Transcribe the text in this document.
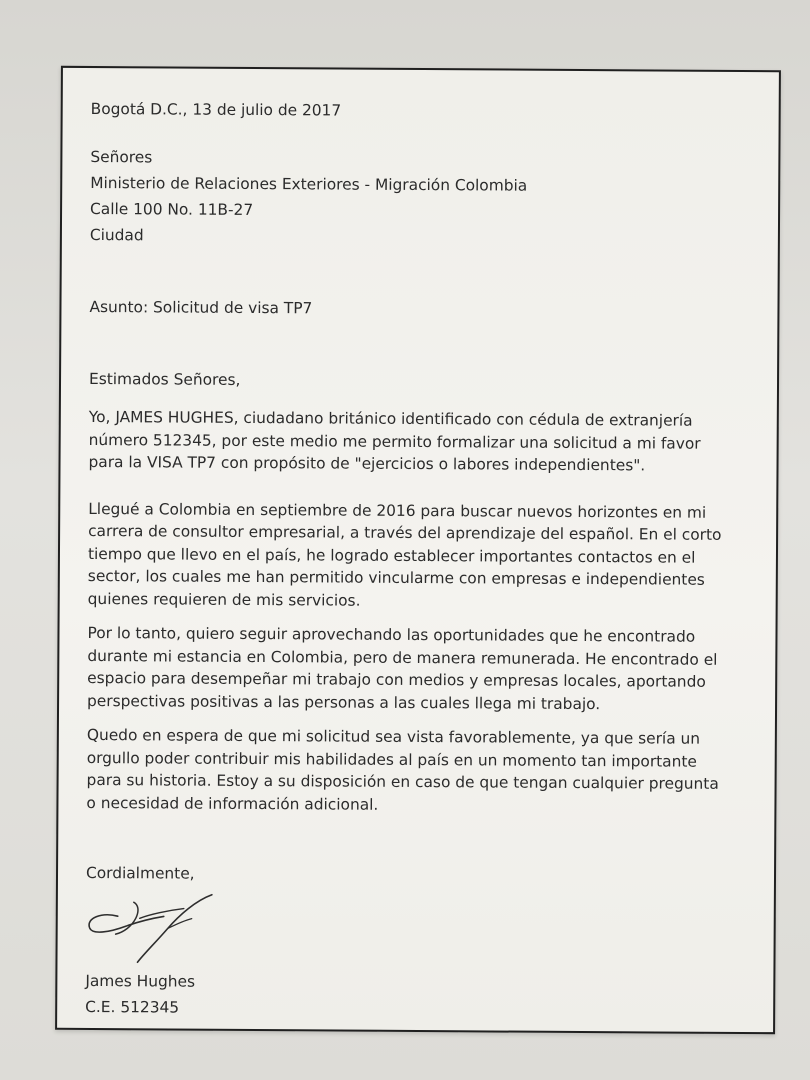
Bogotá D.C., 13 de julio de 2017
Señores
Ministerio de Relaciones Exteriores - Migración Colombia
Calle 100 No. 11B-27
Ciudad
Asunto: Solicitud de visa TP7
Estimados Señores,
Yo, JAMES HUGHES, ciudadano británico identificado con cédula de extranjería
número 512345, por este medio me permito formalizar una solicitud a mi favor
para la VISA TP7 con propósito de "ejercicios o labores independientes".
Llegué a Colombia en septiembre de 2016 para buscar nuevos horizontes en mi
carrera de consultor empresarial, a través del aprendizaje del español. En el corto
tiempo que llevo en el país, he logrado establecer importantes contactos en el
sector, los cuales me han permitido vincularme con empresas e independientes
quienes requieren de mis servicios.
Por lo tanto, quiero seguir aprovechando las oportunidades que he encontrado
durante mi estancia en Colombia, pero de manera remunerada. He encontrado el
espacio para desempeñar mi trabajo con medios y empresas locales, aportando
perspectivas positivas a las personas a las cuales llega mi trabajo.
Quedo en espera de que mi solicitud sea vista favorablemente, ya que sería un
orgullo poder contribuir mis habilidades al país en un momento tan importante
para su historia. Estoy a su disposición en caso de que tengan cualquier pregunta
o necesidad de información adicional.
Cordialmente,
James Hughes
C.E. 512345
